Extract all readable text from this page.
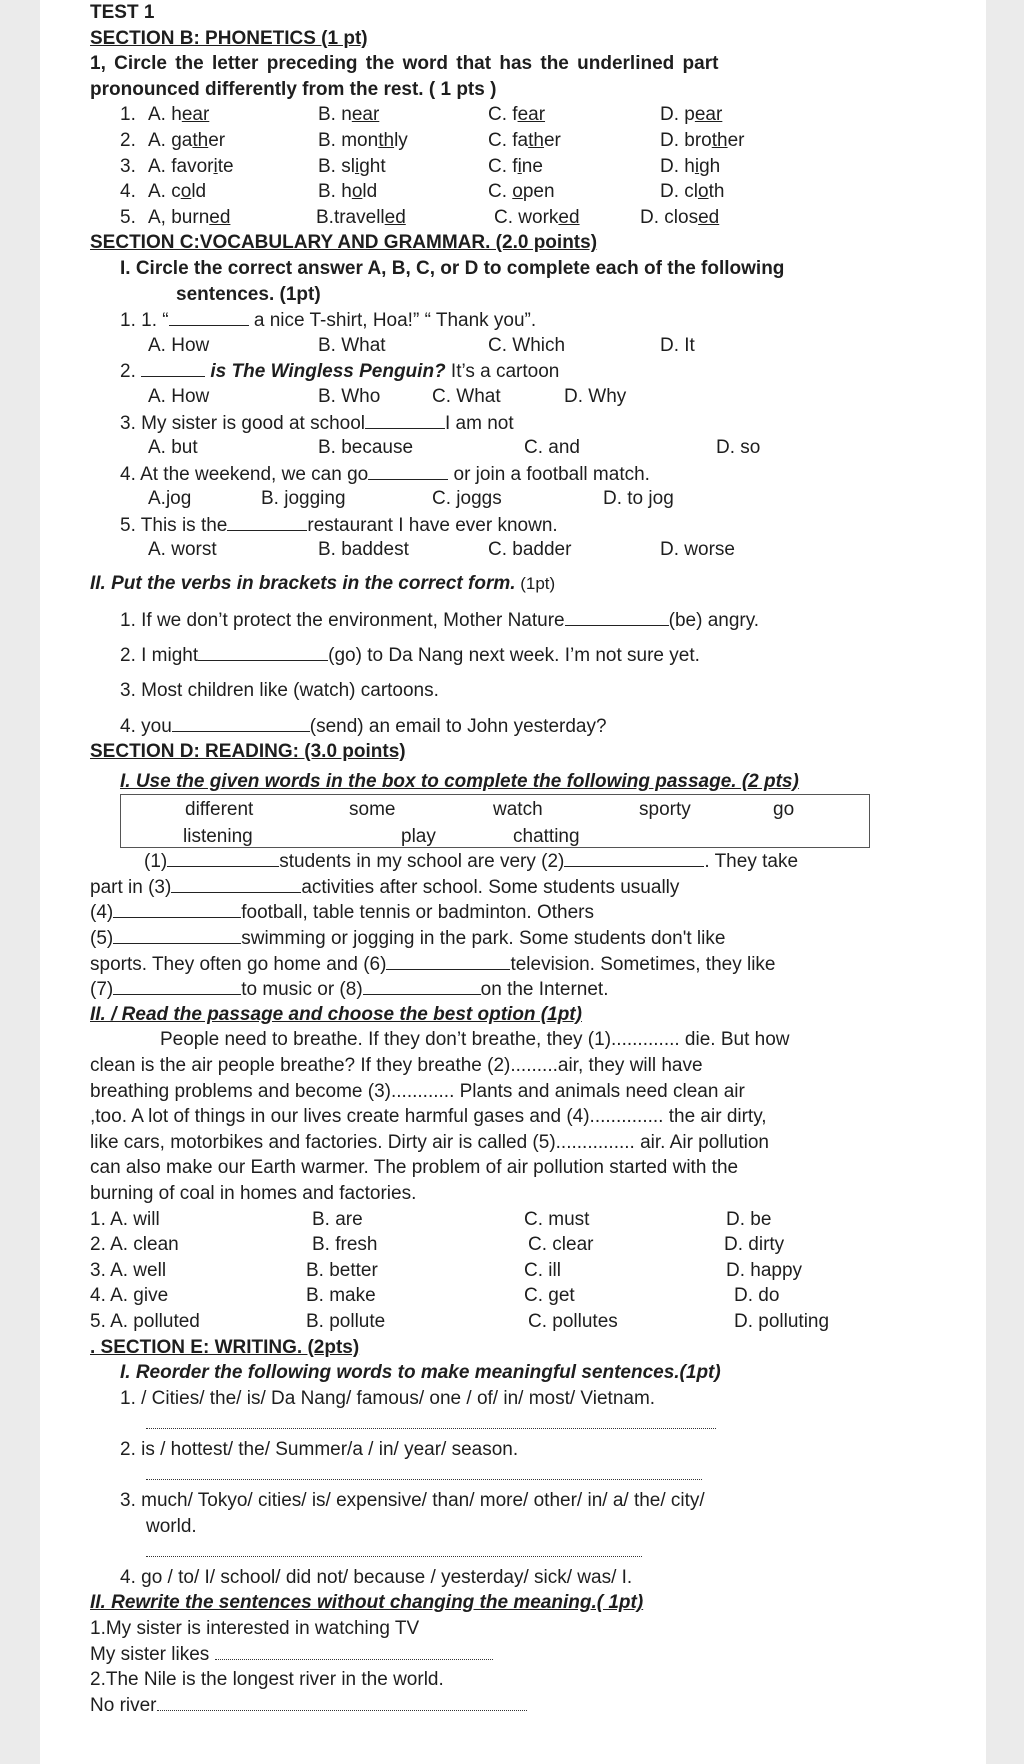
TEST 1
SECTION B: PHONETICS (1 pt)
1, Circle the letter preceding the word that has the underlined part
pronounced differently from the rest. ( 1 pts )
1. A. hear	B. near	C. fear	D. pear
2. A. gather	B. monthly	C. father	D. brother
3. A. favorite	B. slight	C. fine	D. high
4. A. cold	B. hold	C. open	D. cloth
5. A, burned	B.travelled	C. worked	D. closed
SECTION C:VOCABULARY AND GRAMMAR. (2.0 points)
I. Circle the correct answer A, B, C, or D to complete each of the following
sentences. (1pt)
1. 1. “	a nice T-shirt, Hoa!” “ Thank you”.
A. How	B. What	C. Which	D. It
2.	is The Wingless Penguin? It’s a cartoon
A. How	B. Who	C. What	D. Why
3. My sister is good at school	I am not
A. but	B. because	C. and	D. so
4. At the weekend, we can go	or join a football match.
A.jog	B. jogging	C. joggs	D. to jog
5. This is the	restaurant I have ever known.
A. worst	B. baddest	C. badder	D. worse
II. Put the verbs in brackets in the correct form. (1pt)
1. If we don’t protect the environment, Mother Nature	(be) angry.
2. I might	(go) to Da Nang next week. I’m not sure yet.
3. Most children like (watch) cartoons.
4. you	(send) an email to John yesterday?
SECTION D: READING: (3.0 points)
I. Use the given words in the box to complete the following passage. (2 pts)
different	some	watch	sporty	go
listening	play	chatting
(1)	students in my school are very (2)	. They take
part in (3)	activities after school. Some students usually
(4)	football, table tennis or badminton. Others
(5)	swimming or jogging in the park. Some students don't like
sports. They often go home and (6)	television. Sometimes, they like
(7)	to music or (8)	on the Internet.
II. / Read the passage and choose the best option (1pt)
People need to breathe. If they don’t breathe, they (1)............. die. But how
clean is the air people breathe? If they breathe (2).........air, they will have
breathing problems and become (3)............ Plants and animals need clean air
,too. A lot of things in our lives create harmful gases and (4).............. the air dirty,
like cars, motorbikes and factories. Dirty air is called (5)............... air. Air pollution
can also make our Earth warmer. The problem of air pollution started with the
burning of coal in homes and factories.
1. A. will	B. are	C. must	D. be
2. A. clean	B. fresh	C. clear	D. dirty
3. A. well	B. better	C. ill	D. happy
4. A. give	B. make	C. get	D. do
5. A. polluted	B. pollute	C. pollutes	D. polluting
. SECTION E: WRITING. (2pts)
I. Reorder the following words to make meaningful sentences.(1pt)
1. / Cities/ the/ is/ Da Nang/ famous/ one / of/ in/ most/ Vietnam.
2. is / hottest/ the/ Summer/a / in/ year/ season.
3. much/ Tokyo/ cities/ is/ expensive/ than/ more/ other/ in/ a/ the/ city/
world.
4. go / to/ I/ school/ did not/ because / yesterday/ sick/ was/ I.
II. Rewrite the sentences without changing the meaning.( 1pt)
1.My sister is interested in watching TV
My sister likes
2.The Nile is the longest river in the world.
No river
